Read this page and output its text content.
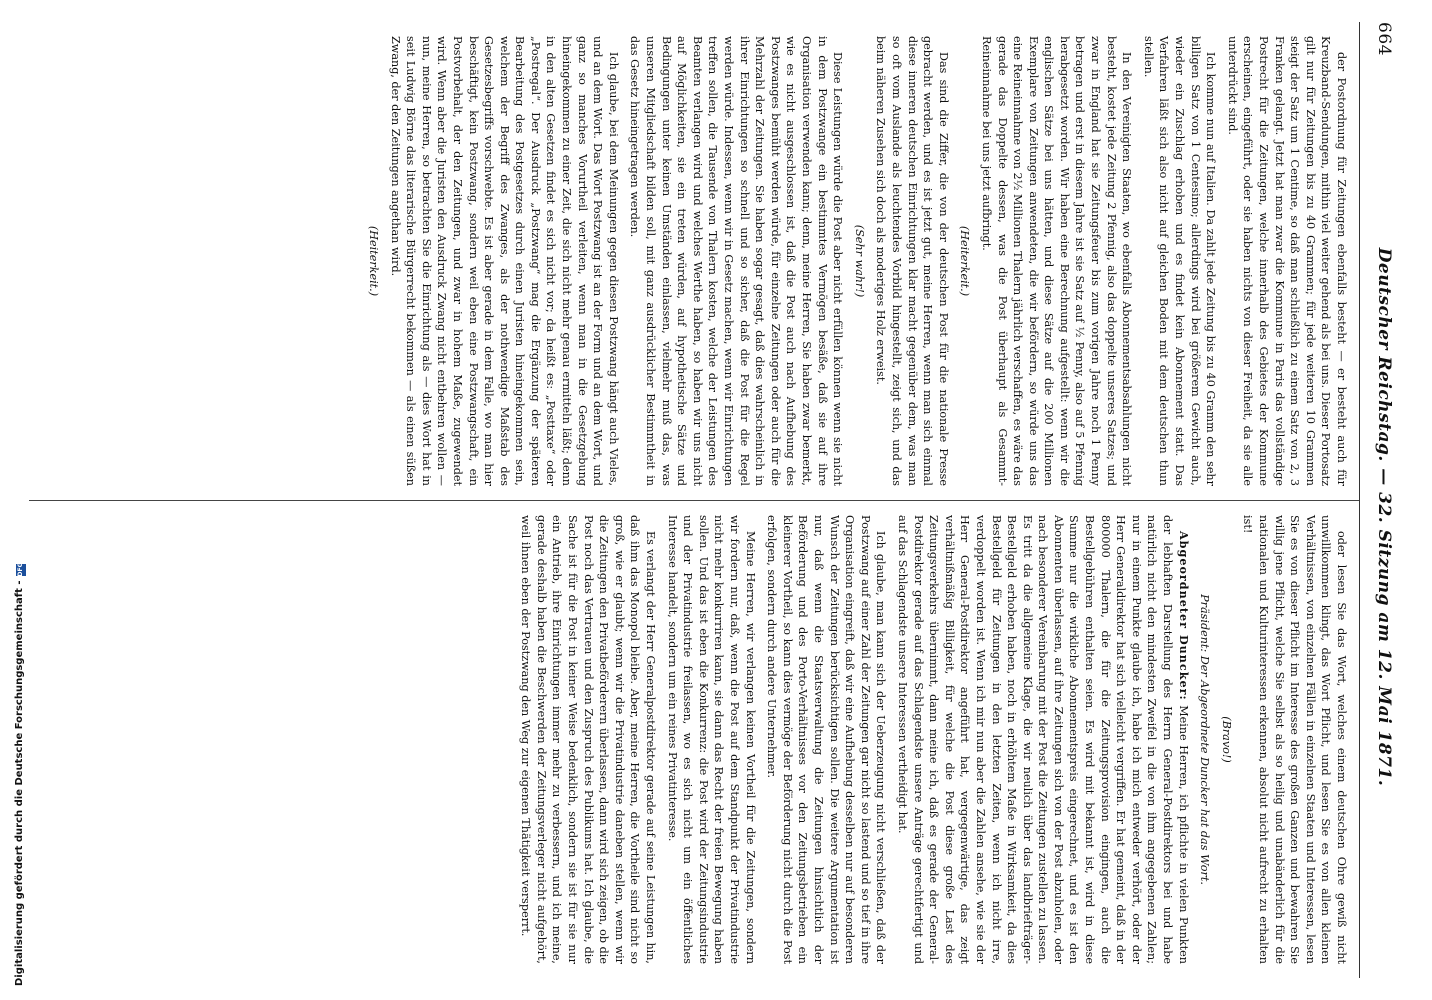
664
Deutscher Reichstag. — 32. Sitzung am 12. Mai 1871.

der Postordnung für Zeitungen ebenfalls besteht — er besteht auch für Kreuzband-Sendungen, mithin viel weiter gehend als bei uns. Dieser Portosatz gilt nur für Zeitungen bis zu 40 Grammen; für jede weiteren 10 Grammen steigt der Satz um 1 Centime, so daß man schließlich zu einem Satz von 2, 3 Franken gelangt. Jetzt hat man zwar die Kommune in Paris das vollständige Postrecht für die Zeitungen, welche innerhalb des Gebietes der Kommune erscheinen, eingeführt, oder sie haben nichts von dieser Freiheit, da sie alle unterdrückt sind.

Ich komme nun auf Italien. Da zahlt jede Zeitung bis zu 40 Gramm den sehr billigen Satz von 1 Centesimo; allerdings wird bei größerem Gewicht auch, wieder ein Zuschlag erhoben und es findet kein Abonnement statt. Das Verfahren läßt sich also nicht auf gleichen Boden mit dem deutschen thun stellen.

In den Vereinigten Staaten, wo ebenfalls Abonnementsabsahlungen nicht besteht, kostet jede Zeitung 2 Pfennig, also das doppelte unseres Satzes; und zwar in England hat sie Zeitungsfeuer bis zum vorigen Jahre noch 1 Penny betragen und erst in diesem Jahre ist sie Satz auf ½ Penny, also auf 5 Pfennig herabgesetzt worden. Wir haben eine Berechnung aufgestellt: wenn wir die englischen Sätze bei uns hätten, und diese Sätze auf die 200 Millionen Exemplare von Zeitungen anwendeten, die wir befördern, so würde uns das eine Reineinnahme von 2½ Millionen Thalern jährlich verschaffen, es wäre das gerade das Doppelte dessen, was die Post überhaupt als Gesammt-Reineinnahme bei uns jetzt aufbringt.

(Heiterkeit.)

Das sind die Ziffer, die von der deutschen Post für die nationale Presse gebracht werden, und es ist jetzt gut, meine Herren, wenn man sich einmal diese inneren deutschen Einrichtungen klar macht gegenüber dem, was man so oft vom Auslande als leuchtendes Vorbild hingestellt, zeigt sich, und das beim näheren Zusehen sich doch als moderiges Holz erweist.

(Sehr wahr!)

Diese Leistungen würde die Post aber nicht erfüllen können wenn sie nicht in dem Postzwange ein bestimmtes Vermögen besäße, daß sie auf ihre Organisation verwenden kann; denn, meine Herren, Sie haben zwar bemerkt, wie es nicht ausgeschlossen ist, daß die Post auch nach Aufhebung des Postzwanges bemüht werden würde, für einzelne Zeitungen oder auch für die Mehrzahl der Zeitungen. Sie haben sogar gesagt, daß dies wahrscheinlich in ihrer Einrichtungen so schnell und so sicher, daß die Post für die Regel werden würde. Indessen, wenn wir in Gesetz machen, wenn wir Einrichtungen treffen sollen, die Tausende von Thalern kosten, welche der Leistungen des Beamten verlangen wird und welches Werthe haben, so haben wir uns nicht auf Möglichkeiten, sie ein treten würden, auf hypothetische Sätze und Bedingungen unter keinen Umständen einlassen, vielmehr muß das, was unseren Mitgliedschaft bilden soll, mit ganz ausdrücklicher Bestimmtheit in das Gesetz hineingetragen werden.

Ich glaube, bei dem Meinungen gegen diesen Postzwang hängt auch Vieles, und an dem Wort. Das Wort Postzwang ist an der Form und an dem Wort, und ganz so manches Vorurtheil verleiten, wenn man in die Gesetzgebung hineingekommen zu einer Zeit, die sich nicht mehr genau ermitteln läßt; denn in den alten Gesetzen findet es sich nicht vor; da heißt es: „Posttaxe“ oder „Postregal“. Der Ausdruck „Postzwang“ mag die Ergänzung der späteren Bearbeitung des Postgesetzes durch einen Juristen hineingekommen sein, welchem der Begriff des Zwanges, als der nothwendige Maßstab des Gesetzesbegriffs vorschwebte. Es ist aber gerade in dem Falle, wo man hier beschäftigt, kein Postzwang, sondern weil eben eine Postzwangschaft, ein Postvorbehalt, der den Zeitungen, und zwar in hohem Maße, zugewendet wird. Wenn aber die Juristen den Ausdruck Zwang nicht entbehren wollen — nun, meine Herren, so betrachten Sie die Einrichtung als — dies Wort hat in seit Ludwig Börne das literarische Bürgerrecht bekommen — als einen süßen Zwang, der den Zeitungen angethan wird.

(Heiterkeit.)

oder lesen Sie das Wort, welches einem deutschen Ohre gewiß nicht unwillkommen klingt, das Wort Pflicht, und lesen Sie es von allen kleinen Verhältnissen, von einzelnen Fällen in einzelnen Staaten und Interessen, lesen Sie es von dieser Pflicht im Interesse des großen Ganzen und bewahren Sie willig jene Pflicht, welche Sie selbst als so heilig und unabänderlich für die nationalen und Kulturinteressen erkennen, absolut nicht aufrecht zu erhalten ist!

(Bravo!)

Präsident: Der Abgeordnete Duncker hat das Wort.

Abgeordneter Duncker: Meine Herren, ich pflichte in vielen Punkten der lebhaften Darstellung des Herrn General-Postdirektors bei und habe natürlich nicht den mindesten Zweifel in die von ihm angegebenen Zahlen; nur in einem Punkte glaube ich, habe ich mich entweder verhört, oder der Herr Generaldirektor hat sich vielleicht vergriffen. Er hat gemeint, daß in der 800000 Thalern, die für die Zeitungsprovision eingingen, auch die Bestellgebühren enthalten seien. Es wird mit bekannt ist, wird in diese Summe nur die wirkliche Abonnementspreis eingerechnet, und es ist den Abonnenten überlassen, auf ihre Zeitungen sich von der Post abzuholen, oder nach besonderer Vereinbarung mit der Post die Zeitungen zustellen zu lassen. Es tritt da die allgemeine Klage, die wir neulich über das landbriefträger-Bestellgeld erhoben haben, noch in erhöhtem Maße in Wirksamkeit, da dies Bestellgeld für Zeitungen in den letzten Zeiten, wenn ich nicht irre, verdoppelt worden ist. Wenn ich mir nun aber die Zahlen ansehe, wie sie der Herr General-Postdirektor angeführt hat, vergegenwärtige, das zeigt verhältnißmäßig Billigkeit, für welche die Post diese große Last des Zeitungsverkehrs übernimmt, dann meine ich, daß es gerade der General-Postdirektor gerade auf das Schlagendste unsere Anträge gerechtfertigt und auf das Schlagendste unsere Interessen vertheidigt hat.

Ich glaube, man kann sich der Ueberzeugung nicht verschließen, daß der Postzwang auf einer Zahl der Zeitungen gar nicht so lastend und so tief in ihre Organisation eingreift, daß wir eine Aufhebung desselben nur auf besonderen Wunsch der Zeitungen berücksichtigen sollen. Die weitere Argumentation ist nur, daß wenn die Staatsverwaltung die Zeitungen hinsichtlich der Beförderung und des Porto-Verhältnisses vor den Zeitungsbetrieben ein kleinerer Vortheil, so kann dies vermöge der Beförderung nicht durch die Post erfolgen, sondern durch andere Unternehmer.

Meine Herren, wir verlangen keinen Vortheil für die Zeitungen, sondern wir fordern nur, daß, wenn die Post auf dem Standpunkt der Privatindustrie nicht mehr konkurriren kann, sie dann das Recht der freien Bewegung haben sollen. Und das ist eben die Konkurrenz: die Post wird der Zeitungsindustrie und der Privatindustrie freilassen, wo es sich nicht um ein öffentliches Interesse handelt, sondern um ein reines Privatinteresse.

Es verlangt der Herr Generalpostdirektor gerade auf seine Leistungen hin, daß ihm das Monopol bleibe. Aber, meine Herren, die Vortheile sind nicht so groß, wie er glaubt; wenn wir die Privatindustrie daneben stellen, wenn wir die Zeitungen den Privatbeförderern überlassen, dann wird sich zeigen, ob die Post noch das Vertrauen und den Zuspruch des Publikums hat. Ich glaube, die Sache ist für die Post in keiner Weise bedenklich, sondern sie ist für sie nur ein Antrieb, ihre Einrichtungen immer mehr zu verbessern, und ich meine, gerade deshalb haben die Beschwerden der Zeitungsverleger nicht aufgehört, weil ihnen eben der Postzwang den Weg zur eigenen Thätigkeit versperrt.

Digitalisierung gefördert durch die Deutsche Forschungsgemeinschaft -DFG
